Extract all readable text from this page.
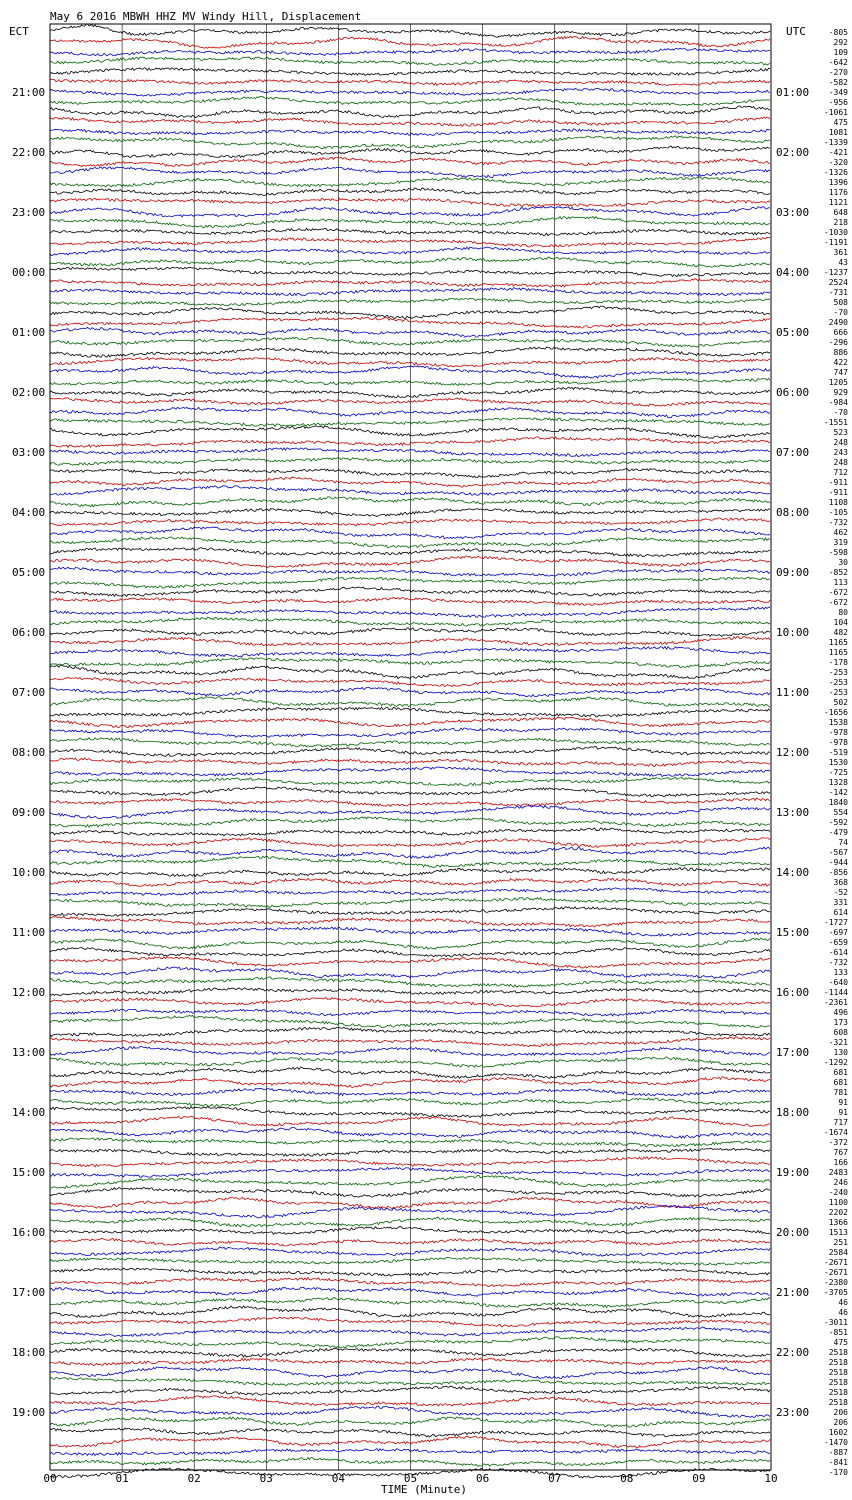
May 6 2016 MBWH HHZ MV Windy Hill, Displacement
ECT	UTC
21:00
22:00
23:00
00:00
01:00
02:00
03:00
04:00
05:00
06:00
07:00
08:00
09:00
10:00
11:00
12:00
13:00
14:00
15:00
16:00
17:00
18:00
19:00
01:00
02:00
03:00
04:00
05:00
06:00
07:00
08:00
09:00
10:00
11:00
12:00
13:00
14:00
15:00
16:00
17:00
18:00
19:00
20:00
21:00
22:00
23:00
-805
292
109
-642
-270
-582
-349
-956
-1061
475
1081
-1339
-421
-320
-1326
1396
1176
1121
648
218
-1030
-1191
361
43
-1237
2524
-731
508
-70
2490
666
-296
886
422
747
1205
929
-984
-70
-1551
523
248
243
248
712
-911
-911
1108
-105
-732
462
319
-598
30
-852
113
-672
-672
80
104
482
1165
1165
-178
-253
-253
-253
502
-1656
1538
-978
-978
-519
1530
-725
1328
-142
1840
554
-592
-479
74
-567
-944
-856
368
-52
331
614
-1727
-697
-659
-614
-732
133
-640
-1144
-2361
496
173
608
-321
130
-1292
681
681
781
91
91
717
-1674
-372
767
166
2483
246
-240
1100
2202
1366
1513
251
2584
-2671
-2671
-2380
-3705
46
46
-3011
-851
475
2518
2518
2518
2518
2518
2518
206
206
1602
-1470
-887
-841
-170
00	01	02	03	04	05	06	07	08	09	10
TIME (Minute)
